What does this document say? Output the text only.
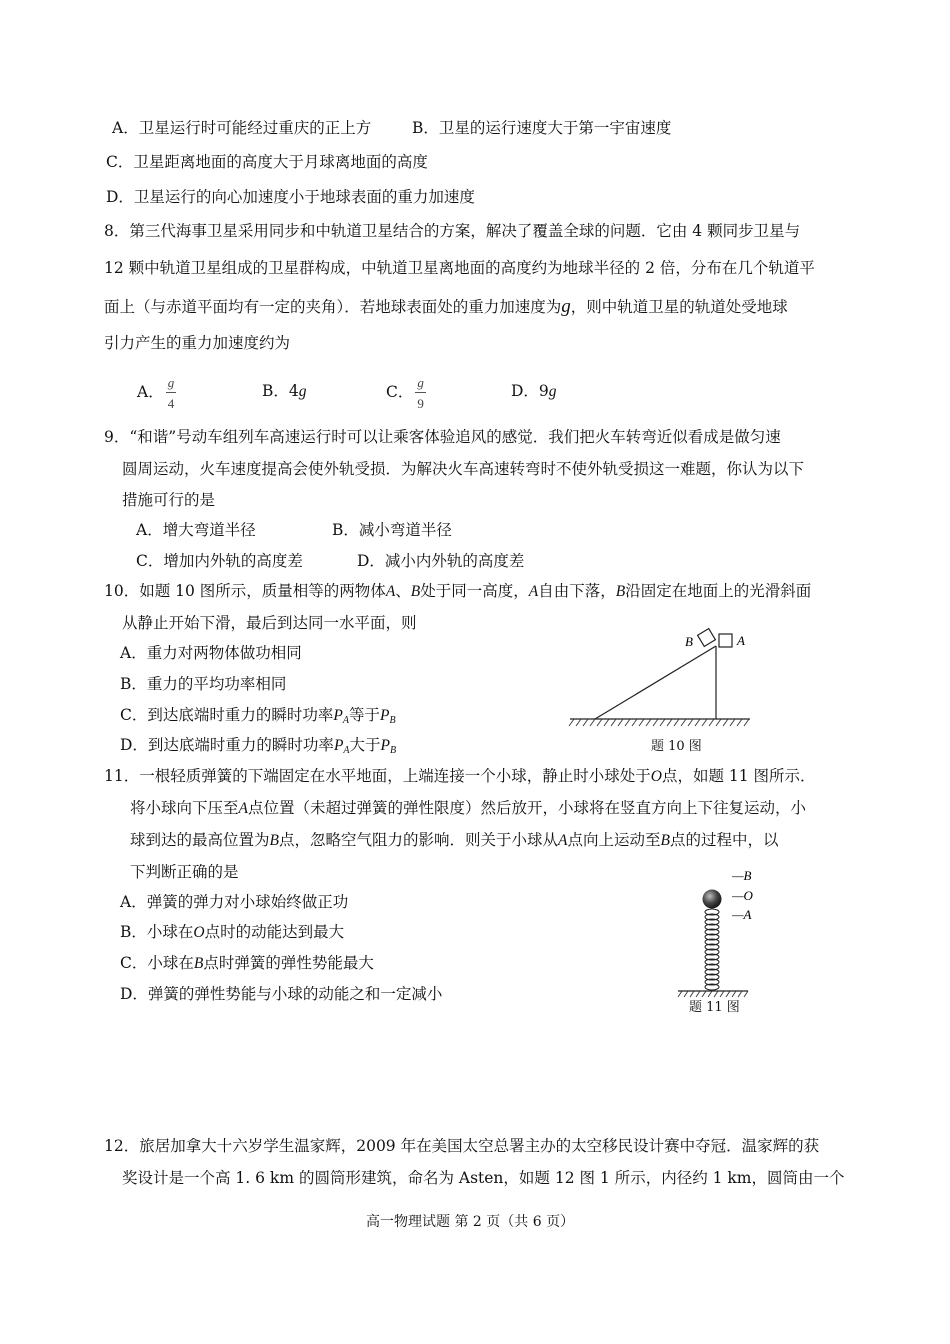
A．卫星运行时可能经过重庆的正上方	B．卫星的运行速度大于第一宇宙速度
C．卫星距离地面的高度大于月球离地面的高度
D．卫星运行的向心加速度小于地球表面的重力加速度
8．第三代海事卫星采用同步和中轨道卫星结合的方案，解决了覆盖全球的问题．它由 4 颗同步卫星与
12 颗中轨道卫星组成的卫星群构成，中轨道卫星离地面的高度约为地球半径的 2 倍，分布在几个轨道平
面上（与赤道平面均有一定的夹角）．若地球表面处的重力加速度为g，则中轨道卫星的轨道处受地球
引力产生的重力加速度约为
A． $\frac{g}{4}$	B．4g	C． $\frac{g}{9}$	D．9g
9．“和谐”号动车组列车高速运行时可以让乘客体验追风的感觉．我们把火车转弯近似看成是做匀速
圆周运动，火车速度提高会使外轨受损．为解决火车高速转弯时不使外轨受损这一难题，你认为以下
措施可行的是
A．增大弯道半径	B．减小弯道半径
C．增加内外轨的高度差	D．减小内外轨的高度差
10．如题 10 图所示，质量相等的两物体A、B处于同一高度，A自由下落，B沿固定在地面上的光滑斜面
从静止开始下滑，最后到达同一水平面，则
A．重力对两物体做功相同
B．重力的平均功率相同
C．到达底端时重力的瞬时功率$P_A$等于$P_B$
D．到达底端时重力的瞬时功率$P_A$大于$P_B$
B	A
题 10 图
11．一根轻质弹簧的下端固定在水平地面，上端连接一个小球，静止时小球处于O点，如题 11 图所示．
将小球向下压至A点位置（未超过弹簧的弹性限度）然后放开，小球将在竖直方向上下往复运动，小
球到达的最高位置为B点，忽略空气阻力的影响．则关于小球从A点向上运动至B点的过程中，以
下判断正确的是
A．弹簧的弹力对小球始终做正功
B．小球在O点时的动能达到最大
C．小球在B点时弹簧的弹性势能最大
D．弹簧的弹性势能与小球的动能之和一定减小
—B
—O
—A
题 11 图
12．旅居加拿大十六岁学生温家辉，2009 年在美国太空总署主办的太空移民设计赛中夺冠．温家辉的获
奖设计是一个高 1. 6 km 的圆筒形建筑，命名为 Asten，如题 12 图 1 所示，内径约 1 km，圆筒由一个
高一物理试题 第 2 页（共 6 页）
